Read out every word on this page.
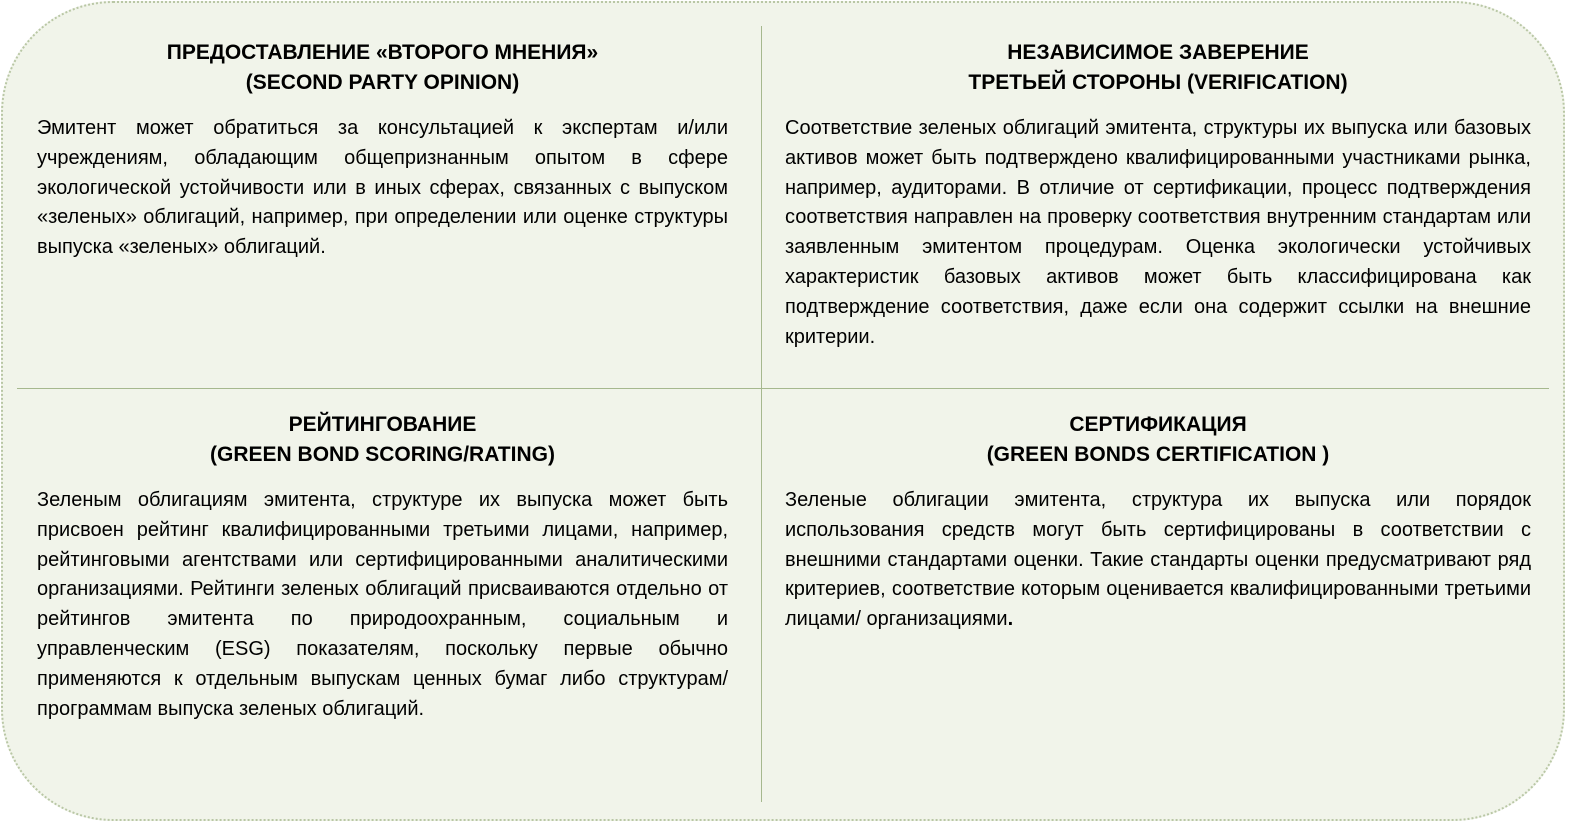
ПРЕДОСТАВЛЕНИЕ «ВТОРОГО МНЕНИЯ»
(SECOND PARTY OPINION)
Эмитент может обратиться за консультацией к экспертам и/или учреждениям, обладающим общепризнанным опытом в сфере экологической устойчивости или в иных сферах, связанных с выпуском «зеленых» облигаций, например, при определении или оценке структуры выпуска «зеленых» облигаций.
НЕЗАВИСИМОЕ ЗАВЕРЕНИЕ
ТРЕТЬЕЙ СТОРОНЫ (VERIFICATION)
Соответствие зеленых облигаций эмитента, структуры их выпуска или базовых активов может быть подтверждено квалифицированными участниками рынка, например, аудиторами. В отличие от сертификации, процесс подтверждения соответствия направлен на проверку соответствия внутренним стандартам или заявленным эмитентом процедурам. Оценка экологически устойчивых характеристик базовых активов может быть классифицирована как подтверждение соответствия, даже если она содержит ссылки на внешние критерии.
РЕЙТИНГОВАНИЕ
(GREEN BOND SCORING/RATING)
Зеленым облигациям эмитента, структуре их выпуска может быть присвоен рейтинг квалифицированными третьими лицами, например, рейтинговыми агентствами или сертифицированными аналитическими организациями. Рейтинги зеленых облигаций присваиваются отдельно от рейтингов эмитента по природоохранным, социальным и управленческим (ESG) показателям, поскольку первые обычно применяются к отдельным выпускам ценных бумаг либо структурам/программам выпуска зеленых облигаций.
СЕРТИФИКАЦИЯ
(GREEN BONDS CERTIFICATION )
Зеленые облигации эмитента, структура их выпуска или порядок использования средств могут быть сертифицированы в соответствии с внешними стандартами оценки. Такие стандарты оценки предусматривают ряд критериев, соответствие которым оценивается квалифицированными третьими лицами/ организациями.
